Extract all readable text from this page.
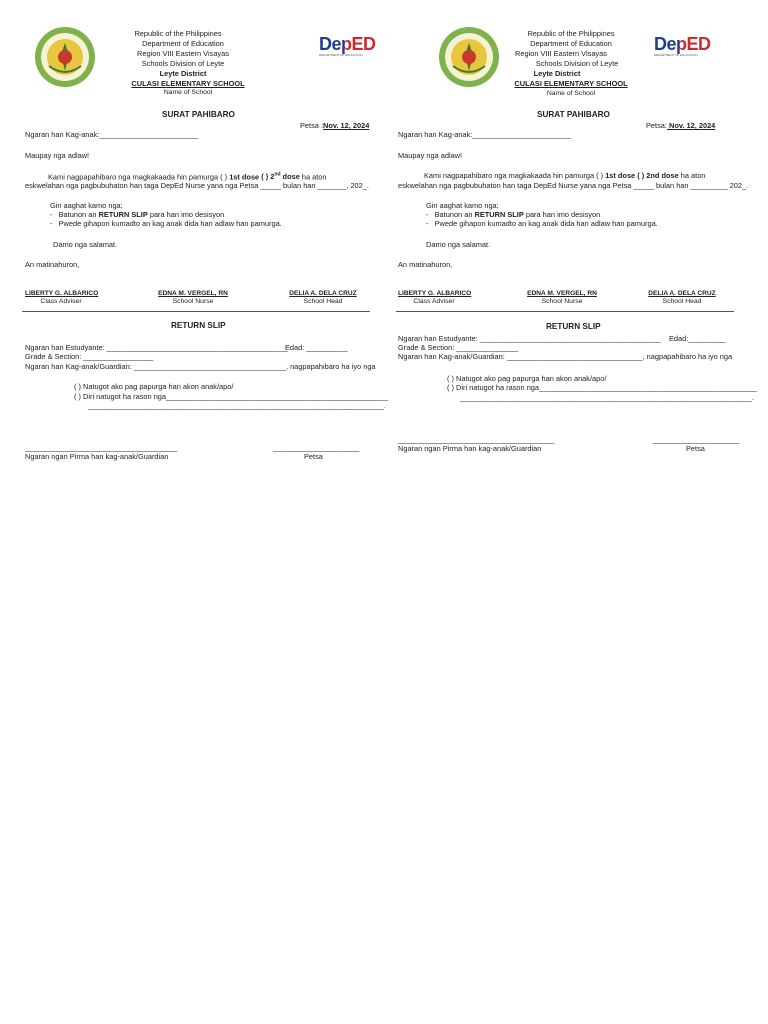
Republic of the Philippines
Department of Education
Region VIII Eastern Visayas
Schools Division of Leyte
Leyte District
CULASI ELEMENTARY SCHOOL
Name of School
DepED
DEPARTMENT OF EDUCATION
SURAT PAHIBARO
Petsa :Nov. 12, 2024
Ngaran han Kag-anak:________________________
Maupay nga adlaw!
Kami nagpapahibaro nga magkakaada hin pamurga ( ) 1st dose ( ) 2nd dose ha aton
eskwelahan nga pagbubuhaton han taga DepEd Nurse yana nga Petsa _____ bulan han _______, 202_.
Gin aaghat kamo nga:
-   Batunon an RETURN SLIP para han imo desisyon
-   Pwede gihapon kumadto an kag anak dida han adlaw han pamurga.
Damo nga salamat.
An matinahuron,
LIBERTY G. ALBARICO
Class Adviser
EDNA M. VERGEL, RN
School Nurse
DELIA A. DELA CRUZ
School Head
RETURN SLIP
Ngaran han Estudyante: ____________________________________________
Edad: __________
Grade & Section: _________________
Ngaran han Kag-anak/Guardian: _____________________________________, nagpapahibaro ha iyo nga
( ) Natugot ako pag papurga han akon anak/apo/
( ) Diri natugot ha rason nga______________________________________________________
________________________________________________________________________.
_____________________________________	_____________________
Ngaran ngan Pirma han kag-anak/Guardian	Petsa
Republic of the Philippines
Department of Education
Region VIII Eastern Visayas
Schools Division of Leyte
Leyte District
CULASI ELEMENTARY SCHOOL
Name of School
DepED
DEPARTMENT OF EDUCATION
SURAT PAHIBARO
Petsa: Nov. 12, 2024
Ngaran han Kag-anak:________________________
Maupay nga adlaw!
Kami nagpapahibaro nga magkakaada hin pamurga ( ) 1st dose ( ) 2nd dose ha aton
eskwelahan nga pagbubuhaton han taga DepEd Nurse yana nga Petsa _____ bulan han _________ 202_.
Gin aaghat kamo nga:
-   Batunon an RETURN SLIP para han imo desisyon
-   Pwede gihapon kumadto an kag anak dida han adlaw han pamurga.
Damo nga salamat.
An matinahuron,
LIBERTY G. ALBARICO
Class Adviser
EDNA M. VERGEL, RN
School Nurse
DELIA A. DELA CRUZ
School Head
RETURN SLIP
Ngaran han Estudyante: ____________________________________________ Edad:_________
Grade & Section: _______________
Ngaran han Kag-anak/Guardian: _________________________________, nagpapahibaro ha iyo nga
( ) Natugot ako pag papurga han akon anak/apo/
( ) Diri natugot ha rason nga_____________________________________________________
_______________________________________________________________________.
______________________________________	_____________________
Ngaran ngan Pirma han kag-anak/Guardian	Petsa
